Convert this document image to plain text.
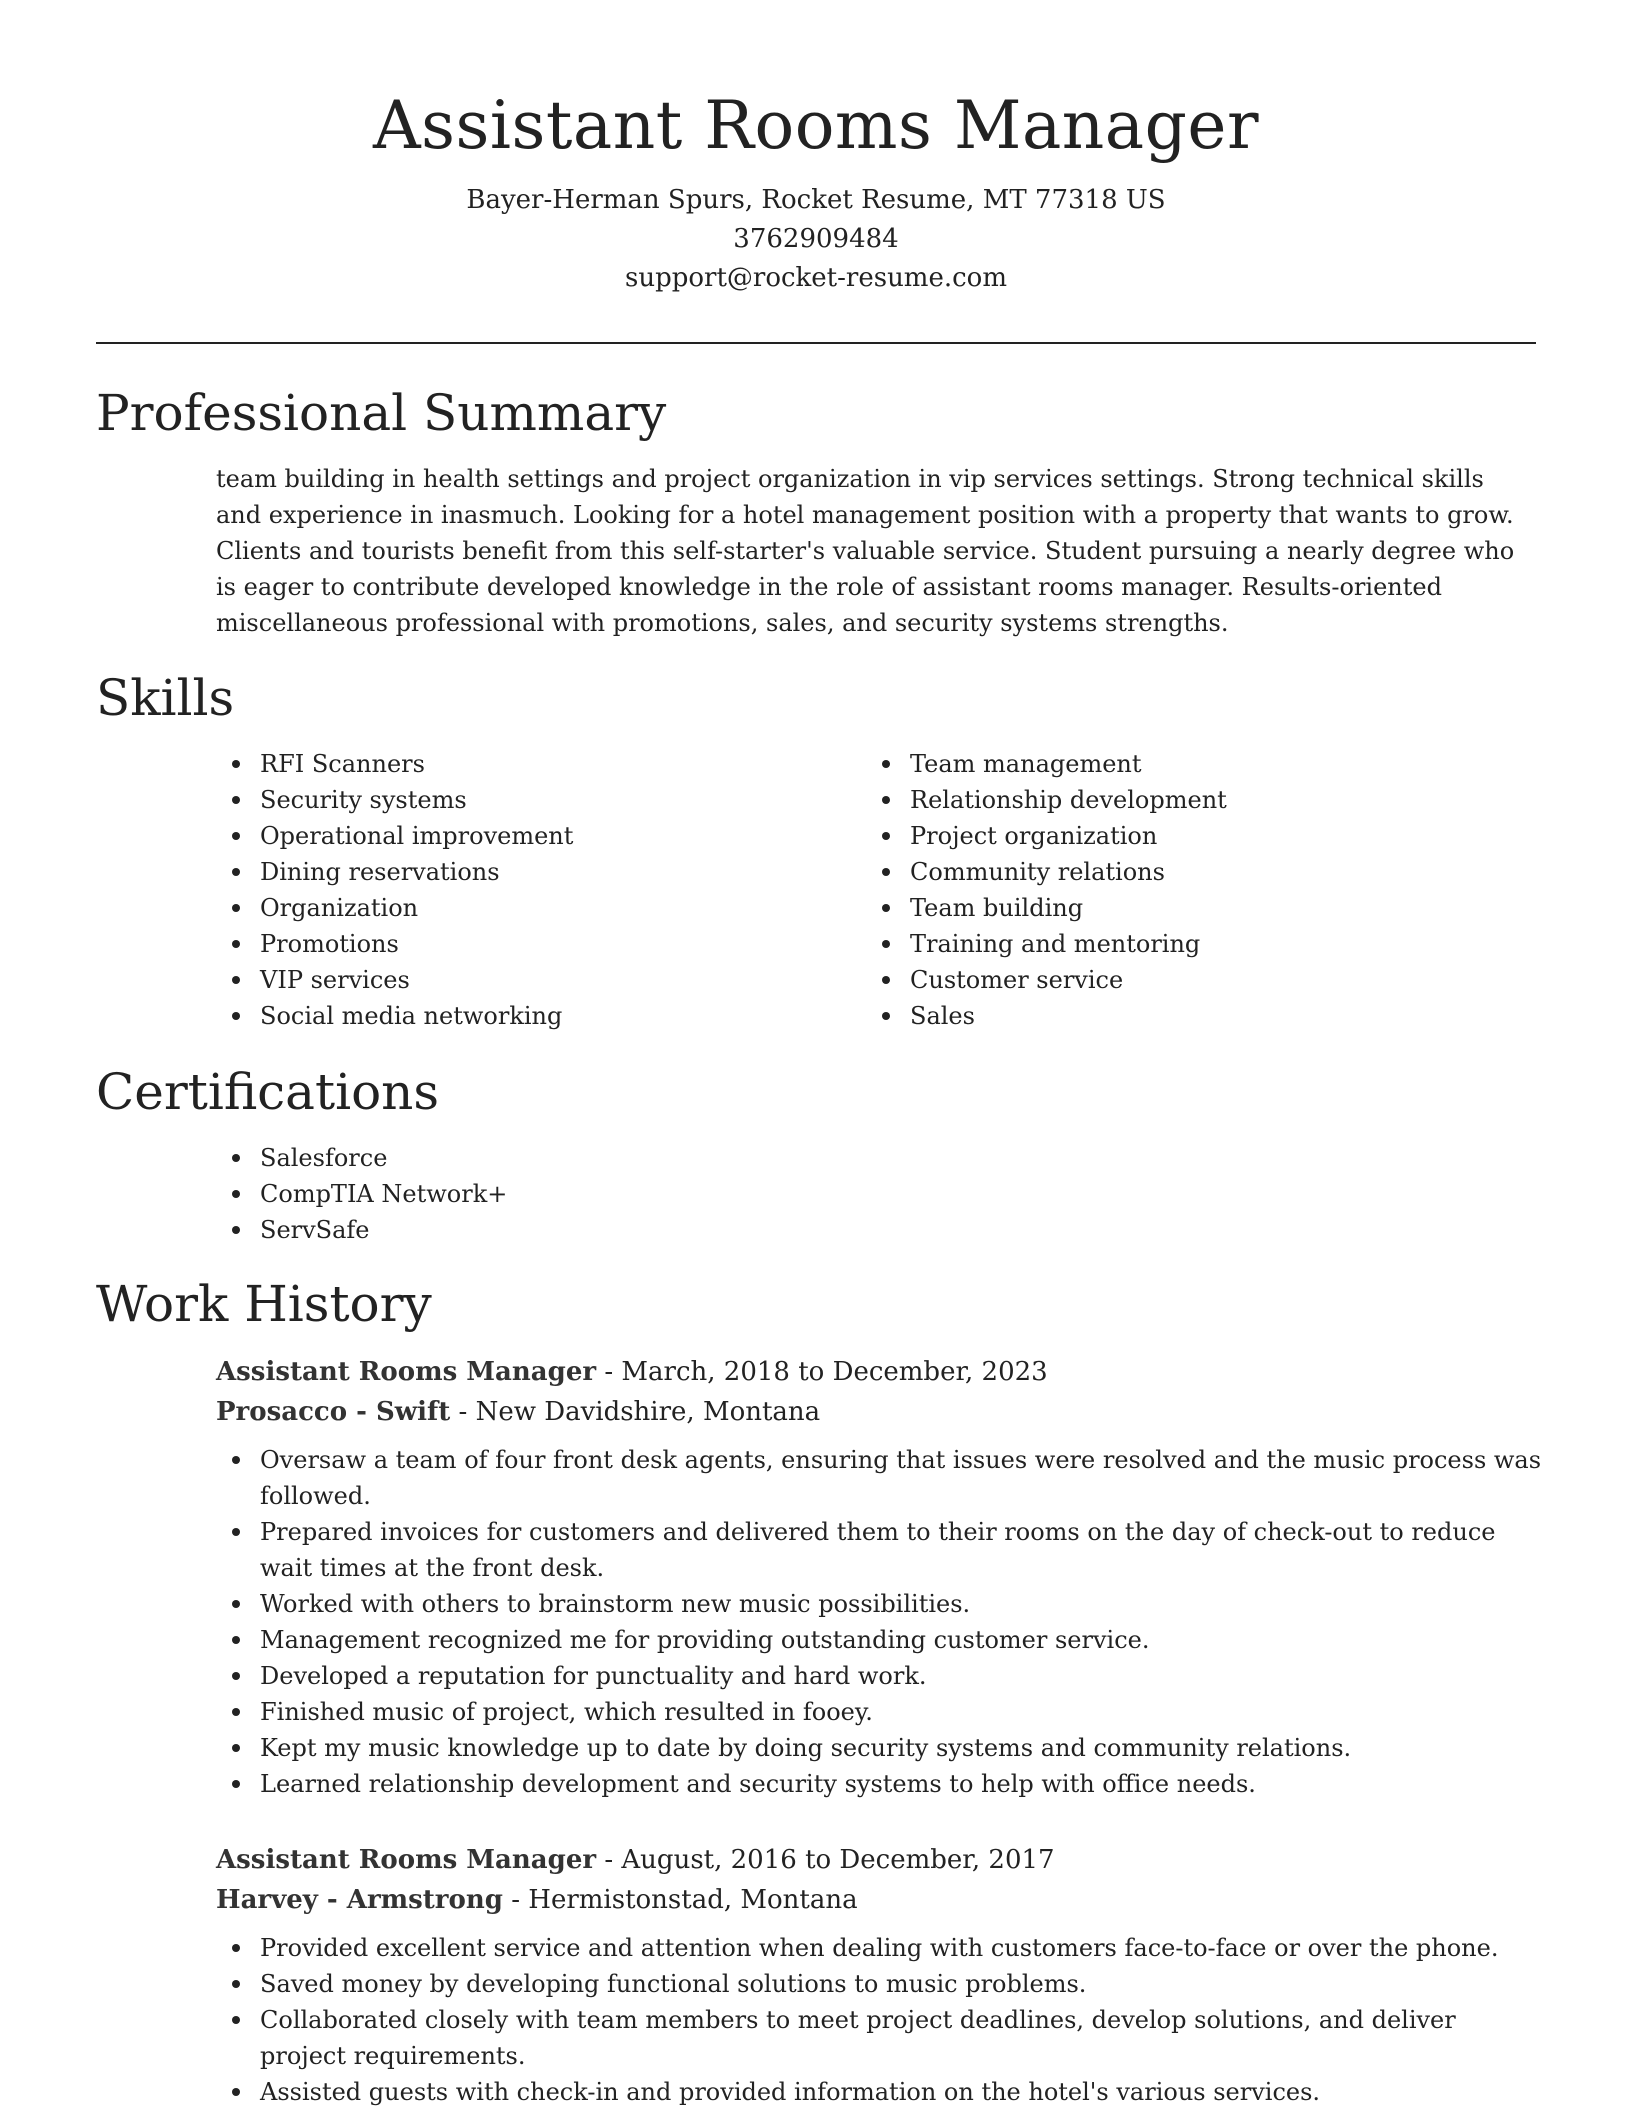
Assistant Rooms Manager
Bayer-Herman Spurs, Rocket Resume, MT 77318 US
3762909484
support@rocket-resume.com
Professional Summary

team building in health settings and project organization in vip services settings. Strong technical skills and experience in inasmuch. Looking for a hotel management position with a property that wants to grow. Clients and tourists benefit from this self-starter's valuable service. Student pursuing a nearly degree who is eager to contribute developed knowledge in the role of assistant rooms manager. Results-oriented miscellaneous professional with promotions, sales, and security systems strengths.

Skills
RFI Scanners
Security systems
Operational improvement
Dining reservations
Organization
Promotions
VIP services
Social media networking
Team management
Relationship development
Project organization
Community relations
Team building
Training and mentoring
Customer service
Sales
Certifications
Salesforce
CompTIA Network+
ServSafe
Work History
Assistant Rooms Manager - March, 2018 to December, 2023
Prosacco - Swift - New Davidshire, Montana
Oversaw a team of four front desk agents, ensuring that issues were resolved and the music process was followed.
Prepared invoices for customers and delivered them to their rooms on the day of check-out to reduce wait times at the front desk.
Worked with others to brainstorm new music possibilities.
Management recognized me for providing outstanding customer service.
Developed a reputation for punctuality and hard work.
Finished music of project, which resulted in fooey.
Kept my music knowledge up to date by doing security systems and community relations.
Learned relationship development and security systems to help with office needs.
Assistant Rooms Manager - August, 2016 to December, 2017
Harvey - Armstrong - Hermistonstad, Montana
Provided excellent service and attention when dealing with customers face-to-face or over the phone.
Saved money by developing functional solutions to music problems.
Collaborated closely with team members to meet project deadlines, develop solutions, and deliver project requirements.
Assisted guests with check-in and provided information on the hotel's various services.
